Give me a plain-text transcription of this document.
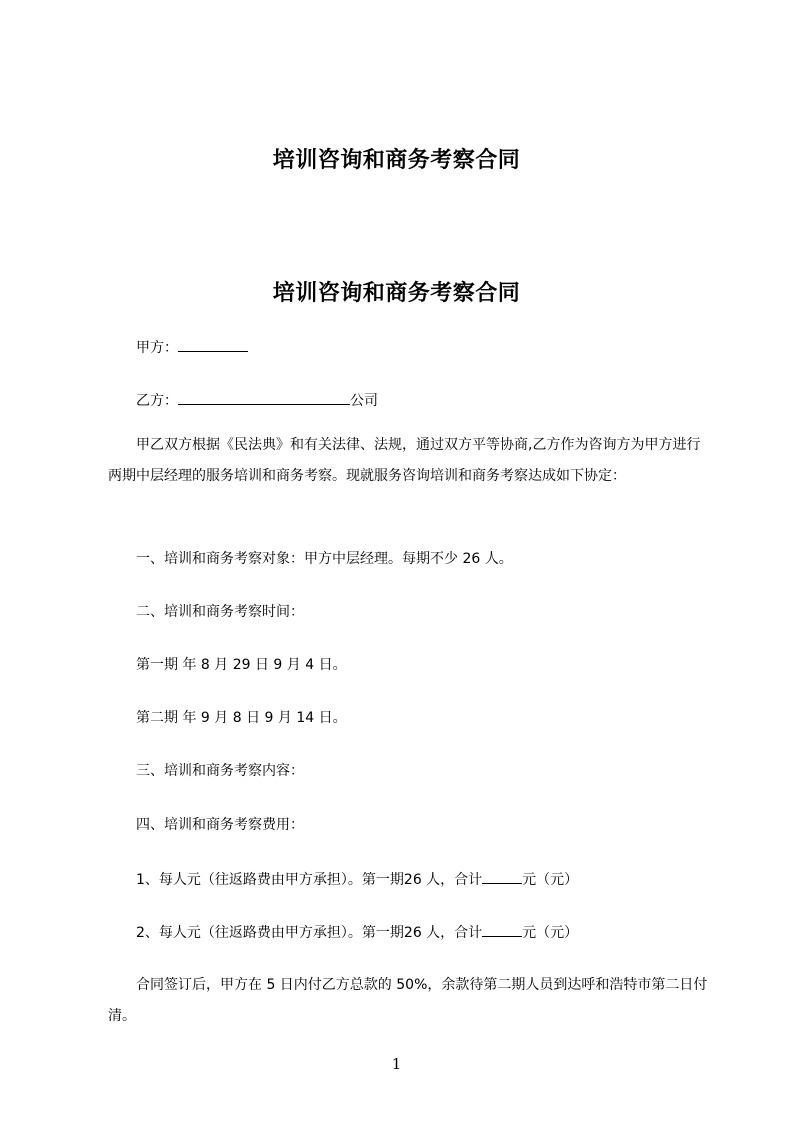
培训咨询和商务考察合同
培训咨询和商务考察合同
甲方：
乙方：	公司
甲乙双方根据《民法典》和有关法律、法规，通过双方平等协商,乙方作为咨询方为甲方进行两期中层经理的服务培训和商务考察。现就服务咨询培训和商务考察达成如下协定：
一、培训和商务考察对象：甲方中层经理。每期不少 26 人。
二、培训和商务考察时间：
第一期 年 8 月 29 日 9 月 4 日。
第二期 年 9 月 8 日 9 月 14 日。
三、培训和商务考察内容：
四、培训和商务考察费用：
1、每人元（往返路费由甲方承担）。第一期26 人，合计	元（元）
2、每人元（往返路费由甲方承担）。第一期26 人，合计	元（元）
合同签订后，甲方在 5 日内付乙方总款的 50%，余款待第二期人员到达呼和浩特市第二日付清。
1
